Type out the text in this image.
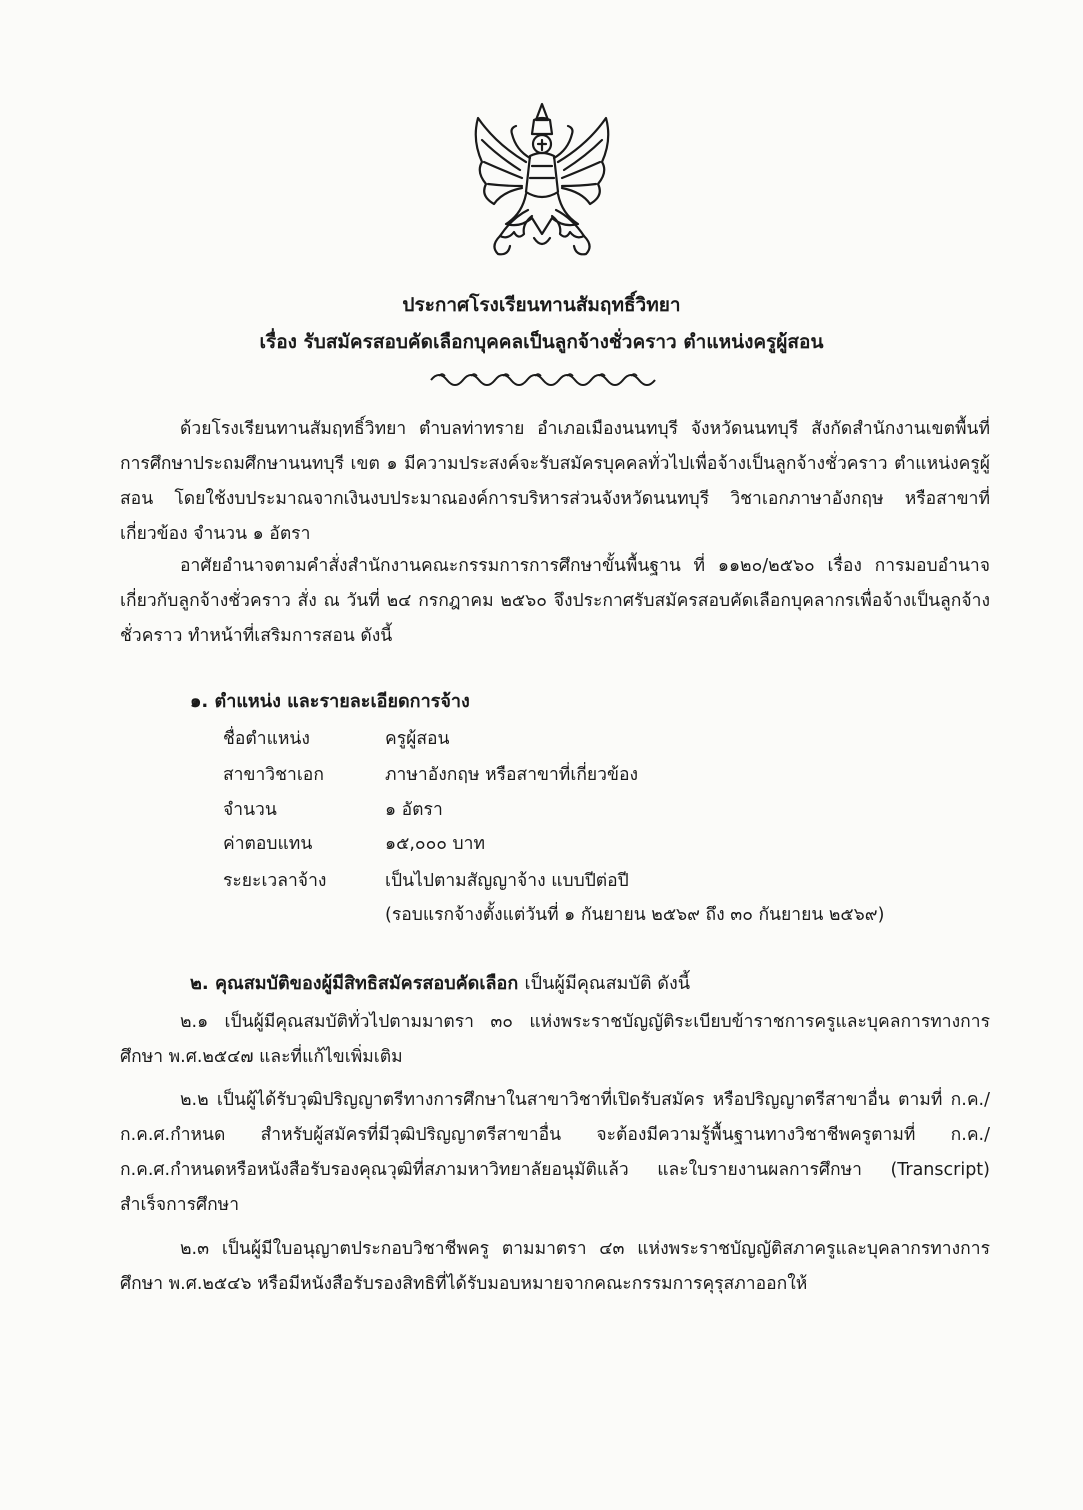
ประกาศโรงเรียนทานสัมฤทธิ์วิทยา
เรื่อง รับสมัครสอบคัดเลือกบุคคลเป็นลูกจ้างชั่วคราว ตำแหน่งครูผู้สอน

ด้วยโรงเรียนทานสัมฤทธิ์วิทยา ตำบลท่าทราย อำเภอเมืองนนทบุรี จังหวัดนนทบุรี สังกัดสำนักงานเขตพื้นที่การศึกษาประถมศึกษานนทบุรี เขต ๑ มีความประสงค์จะรับสมัครบุคคลทั่วไปเพื่อจ้างเป็นลูกจ้างชั่วคราว ตำแหน่งครูผู้สอน โดยใช้งบประมาณจากเงินงบประมาณองค์การบริหารส่วนจังหวัดนนทบุรี วิชาเอกภาษาอังกฤษ หรือสาขาที่เกี่ยวข้อง จำนวน ๑ อัตรา

อาศัยอำนาจตามคำสั่งสำนักงานคณะกรรมการการศึกษาขั้นพื้นฐาน ที่ ๑๑๒๐/๒๕๖๐ เรื่อง การมอบอำนาจเกี่ยวกับลูกจ้างชั่วคราว สั่ง ณ วันที่ ๒๔ กรกฎาคม ๒๕๖๐ จึงประกาศรับสมัครสอบคัดเลือกบุคลากรเพื่อจ้างเป็นลูกจ้างชั่วคราว ทำหน้าที่เสริมการสอน ดังนี้

๑. ตำแหน่ง และรายละเอียดการจ้าง
ชื่อตำแหน่ง	ครูผู้สอน
สาขาวิชาเอก	ภาษาอังกฤษ หรือสาขาที่เกี่ยวข้อง
จำนวน	๑ อัตรา
ค่าตอบแทน	๑๕,๐๐๐ บาท
ระยะเวลาจ้าง	เป็นไปตามสัญญาจ้าง แบบปีต่อปี
(รอบแรกจ้างตั้งแต่วันที่ ๑ กันยายน ๒๕๖๙ ถึง ๓๐ กันยายน ๒๕๖๙)
๒. คุณสมบัติของผู้มีสิทธิสมัครสอบคัดเลือก เป็นผู้มีคุณสมบัติ ดังนี้

๒.๑ เป็นผู้มีคุณสมบัติทั่วไปตามมาตรา ๓๐ แห่งพระราชบัญญัติระเบียบข้าราชการครูและบุคลการทางการศึกษา พ.ศ.๒๕๔๗ และที่แก้ไขเพิ่มเติม

๒.๒ เป็นผู้ได้รับวุฒิปริญญาตรีทางการศึกษาในสาขาวิชาที่เปิดรับสมัคร หรือปริญญาตรีสาขาอื่น ตามที่ ก.ค./ก.ค.ศ.กำหนด สำหรับผู้สมัครที่มีวุฒิปริญญาตรีสาขาอื่น จะต้องมีความรู้พื้นฐานทางวิชาชีพครูตามที่ ก.ค./ก.ค.ศ.กำหนดหรือหนังสือรับรองคุณวุฒิที่สภามหาวิทยาลัยอนุมัติแล้ว และใบรายงานผลการศึกษา (Transcript) สำเร็จการศึกษา

๒.๓ เป็นผู้มีใบอนุญาตประกอบวิชาชีพครู ตามมาตรา ๔๓ แห่งพระราชบัญญัติสภาครูและบุคลากรทางการศึกษา พ.ศ.๒๕๔๖ หรือมีหนังสือรับรองสิทธิที่ได้รับมอบหมายจากคณะกรรมการคุรุสภาออกให้
